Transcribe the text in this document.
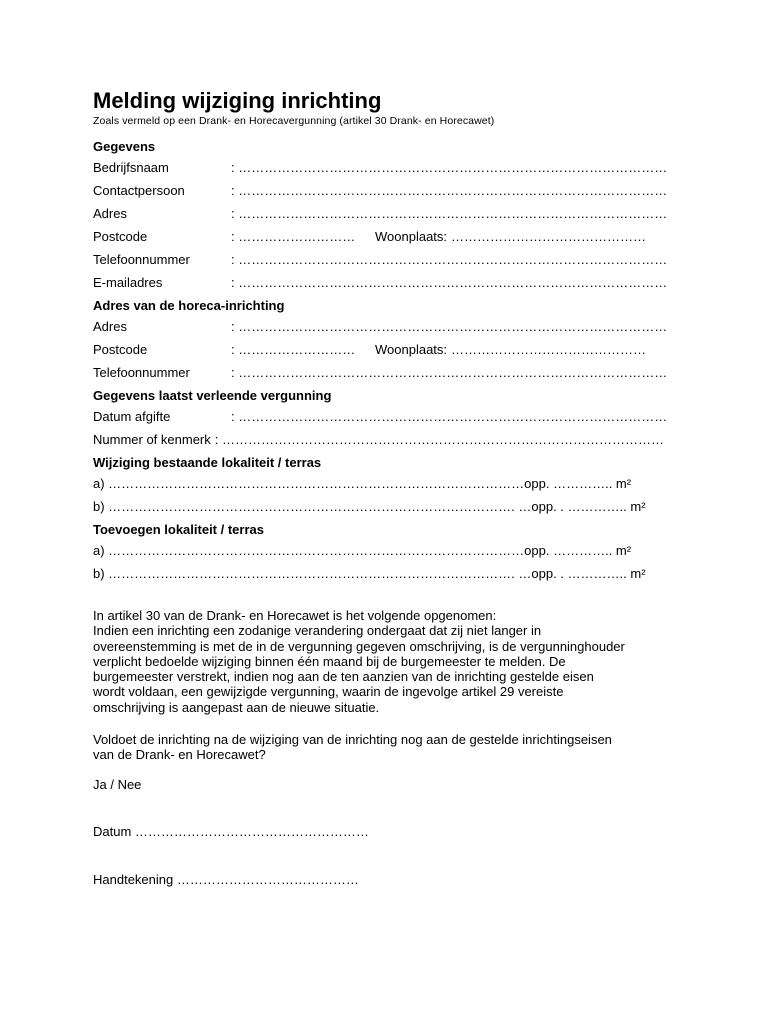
Melding wijziging inrichting

Zoals vermeld op een Drank- en Horecavergunning (artikel 30 Drank- en Horecawet)

Gegevens
Bedrijfsnaam	: ………………………………………………………………………………………
Contactpersoon	: ………………………………………………………………………………………
Adres	: ………………………………………………………………………………………
Postcode	: ………………………	Woonplaats: ………………………………………
Telefoonnummer	: ………………………………………………………………………………………
E-mailadres	: ………………………………………………………………………………………
Adres van de horeca-inrichting
Adres	: ………………………………………………………………………………………
Postcode	: ………………………	Woonplaats: ………………………………………
Telefoonnummer	: ………………………………………………………………………………………
Gegevens laatst verleende vergunning
Datum afgifte	: ………………………………………………………………………………………
Nummer of kenmerk : …………………………………………………………………………………………
Wijziging bestaande lokaliteit / terras
a) ……………………………………………………………………………………opp. ………….. m²
b) …………………………………………………………………………………. …opp. . ………….. m²
Toevoegen lokaliteit / terras
a) ……………………………………………………………………………………opp. ………….. m²
b) …………………………………………………………………………………. …opp. . ………….. m²
In artikel 30 van de Drank- en Horecawet is het volgende opgenomen:
Indien een inrichting een zodanige verandering ondergaat dat zij niet langer in
overeenstemming is met de in de vergunning gegeven omschrijving, is de vergunninghouder
verplicht bedoelde wijziging binnen één maand bij de burgemeester te melden. De
burgemeester verstrekt, indien nog aan de ten aanzien van de inrichting gestelde eisen
wordt voldaan, een gewijzigde vergunning, waarin de ingevolge artikel 29 vereiste
omschrijving is aangepast aan de nieuwe situatie.
Voldoet de inrichting na de wijziging van de inrichting nog aan de gestelde inrichtingseisen
van de Drank- en Horecawet?
Ja / Nee
Datum ………………………………………………
Handtekening ……………………………………
